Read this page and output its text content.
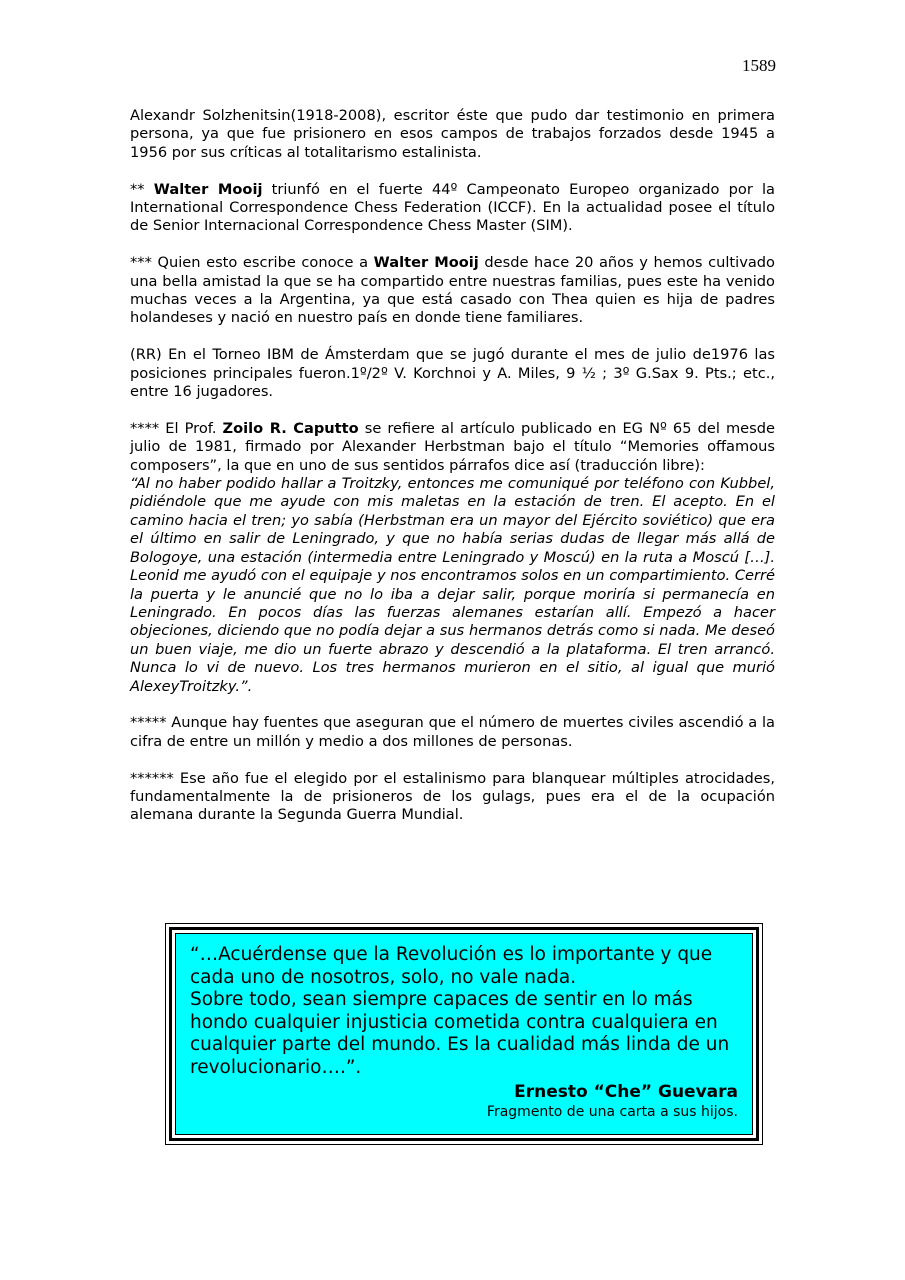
1589

Alexandr Solzhenitsin(1918-2008), escritor éste que pudo dar testimonio en primera persona, ya que fue prisionero en esos campos de trabajos forzados desde 1945 a 1956 por sus críticas al totalitarismo estalinista.

** Walter Mooij triunfó en el fuerte 44º Campeonato Europeo organizado por la International Correspondence Chess Federation (ICCF). En la actualidad posee el título de Senior Internacional Correspondence Chess Master (SIM).

*** Quien esto escribe conoce a Walter Mooij desde hace 20 años y hemos cultivado una bella amistad la que se ha compartido entre nuestras familias, pues este ha venido muchas veces a la Argentina, ya que está casado con Thea quien es hija de padres holandeses y nació en nuestro país en donde tiene familiares.

(RR) En el Torneo IBM de Ámsterdam que se jugó durante el mes de julio de1976 las posiciones principales fueron.1º/2º V. Korchnoi y A. Miles, 9 ½ ; 3º G.Sax 9. Pts.; etc., entre 16 jugadores.

**** El Prof. Zoilo R. Caputto se refiere al artículo publicado en EG Nº 65 del mesde julio de 1981, firmado por Alexander Herbstman bajo el título “Memories offamous composers”, la que en uno de sus sentidos párrafos dice así (traducción libre):

“Al no haber podido hallar a Troitzky, entonces me comuniqué por teléfono con Kubbel, pidiéndole que me ayude con mis maletas en la estación de tren. El acepto. En el camino hacia el tren; yo sabía (Herbstman era un mayor del Ejército soviético) que era el último en salir de Leningrado, y que no había serias dudas de llegar más allá de Bologoye, una estación (intermedia entre Leningrado y Moscú) en la ruta a Moscú […]. Leonid me ayudó con el equipaje y nos encontramos solos en un compartimiento. Cerré la puerta y le anuncié que no lo iba a dejar salir, porque moriría si permanecía en Leningrado. En pocos días las fuerzas alemanes estarían allí. Empezó a hacer objeciones, diciendo que no podía dejar a sus hermanos detrás como si nada. Me deseó un buen viaje, me dio un fuerte abrazo y descendió a la plataforma. El tren arrancó. Nunca lo vi de nuevo. Los tres hermanos murieron en el sitio, al igual que murió AlexeyTroitzky.”.

***** Aunque hay fuentes que aseguran que el número de muertes civiles ascendió a la cifra de entre un millón y medio a dos millones de personas.

****** Ese año fue el elegido por el estalinismo para blanquear múltiples atrocidades, fundamentalmente la de prisioneros de los gulags, pues era el de la ocupación alemana durante la Segunda Guerra Mundial.

“…Acuérdense que la Revolución es lo importante y que cada uno de nosotros, solo, no vale nada.

Sobre todo, sean siempre capaces de sentir en lo más hondo cualquier injusticia cometida contra cualquiera en cualquier parte del mundo. Es la cualidad más linda de un revolucionario….”.

Ernesto “Che” Guevara
Fragmento de una carta a sus hijos.
